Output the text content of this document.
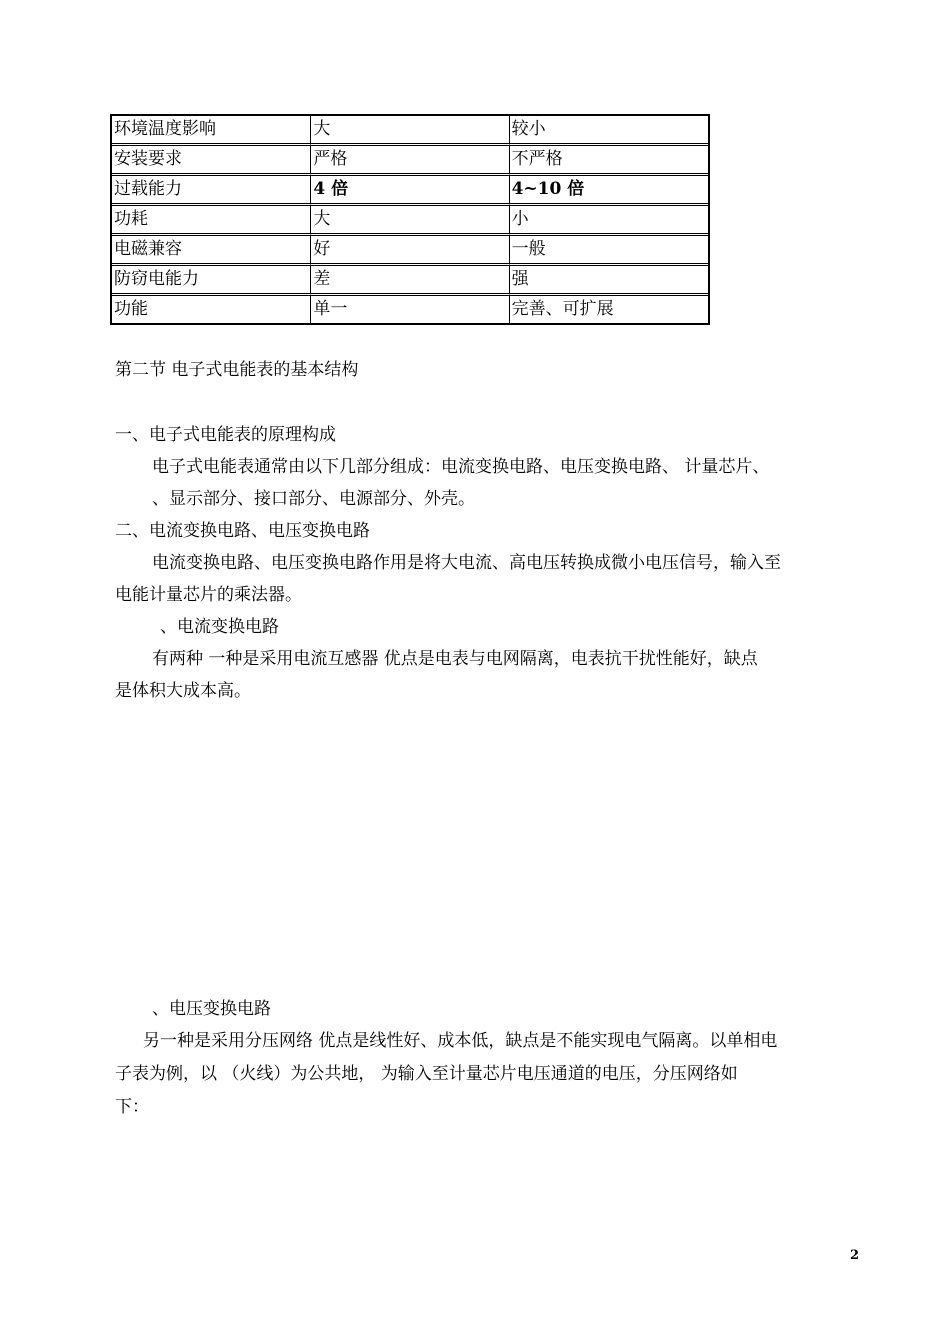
环境温度影响	大	较小
安装要求	严格	不严格
过载能力	4 倍	4~10 倍
功耗	大	小
电磁兼容	好	一般
防窃电能力	差	强
功能	单一	完善、可扩展
第二节 电子式电能表的基本结构
一、电子式电能表的原理构成
电子式电能表通常由以下几部分组成：电流变换电路、电压变换电路、 计量芯片、
、显示部分、接口部分、电源部分、外壳。
二、电流变换电路、电压变换电路
电流变换电路、电压变换电路作用是将大电流、高电压转换成微小电压信号，输入至
电能计量芯片的乘法器。
、电流变换电路
有两种 一种是采用电流互感器 优点是电表与电网隔离，电表抗干扰性能好，缺点
是体积大成本高。
、电压变换电路
另一种是采用分压网络 优点是线性好、成本低，缺点是不能实现电气隔离。以单相电
子表为例，以 （火线）为公共地， 为输入至计量芯片电压通道的电压，分压网络如
下：
2
